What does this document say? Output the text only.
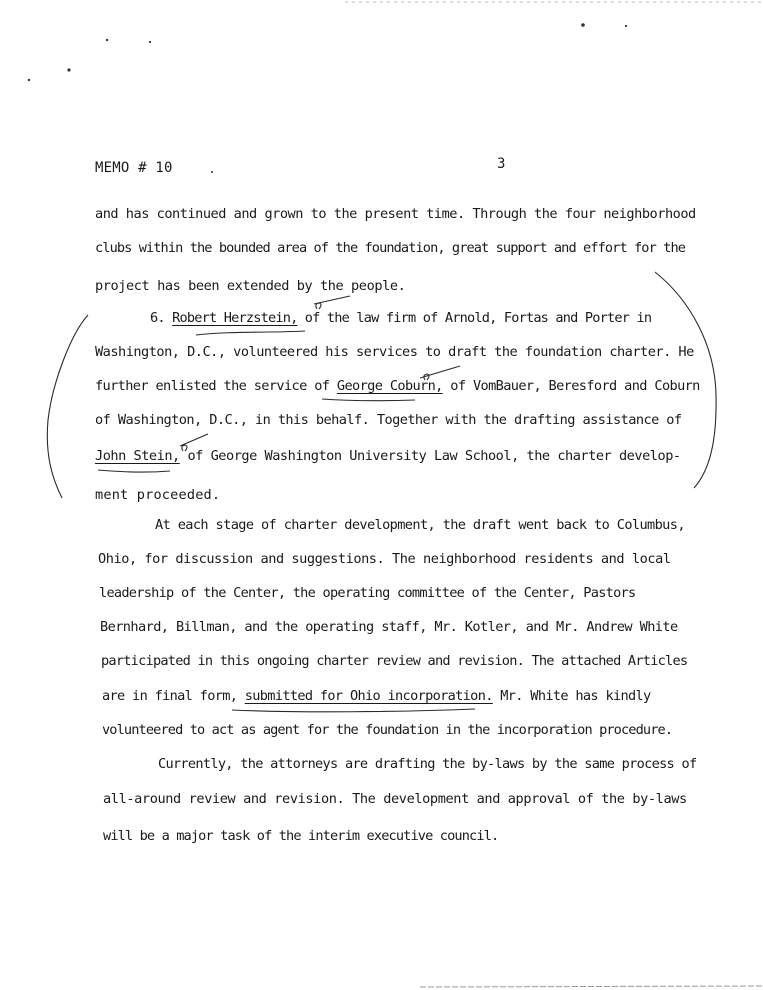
MEMO # 10	3
and has continued and grown to the present time. Through the four neighborhood
clubs within the bounded area of the foundation, great support and effort for the
project has been extended by the people.
6. Robert Herzstein, of the law firm of Arnold, Fortas and Porter in
Washington, D.C., volunteered his services to draft the foundation charter. He
further enlisted the service of George Coburn, of VomBauer, Beresford and Coburn
of Washington, D.C., in this behalf. Together with the drafting assistance of
John Stein, of George Washington University Law School, the charter develop-
ment proceeded.
At each stage of charter development, the draft went back to Columbus,
Ohio, for discussion and suggestions. The neighborhood residents and local
leadership of the Center, the operating committee of the Center, Pastors
Bernhard, Billman, and the operating staff, Mr. Kotler, and Mr. Andrew White
participated in this ongoing charter review and revision. The attached Articles
are in final form, submitted for Ohio incorporation. Mr. White has kindly
volunteered to act as agent for the foundation in the incorporation procedure.
Currently, the attorneys are drafting the by-laws by the same process of
all-around review and revision. The development and approval of the by-laws
will be a major task of the interim executive council.
